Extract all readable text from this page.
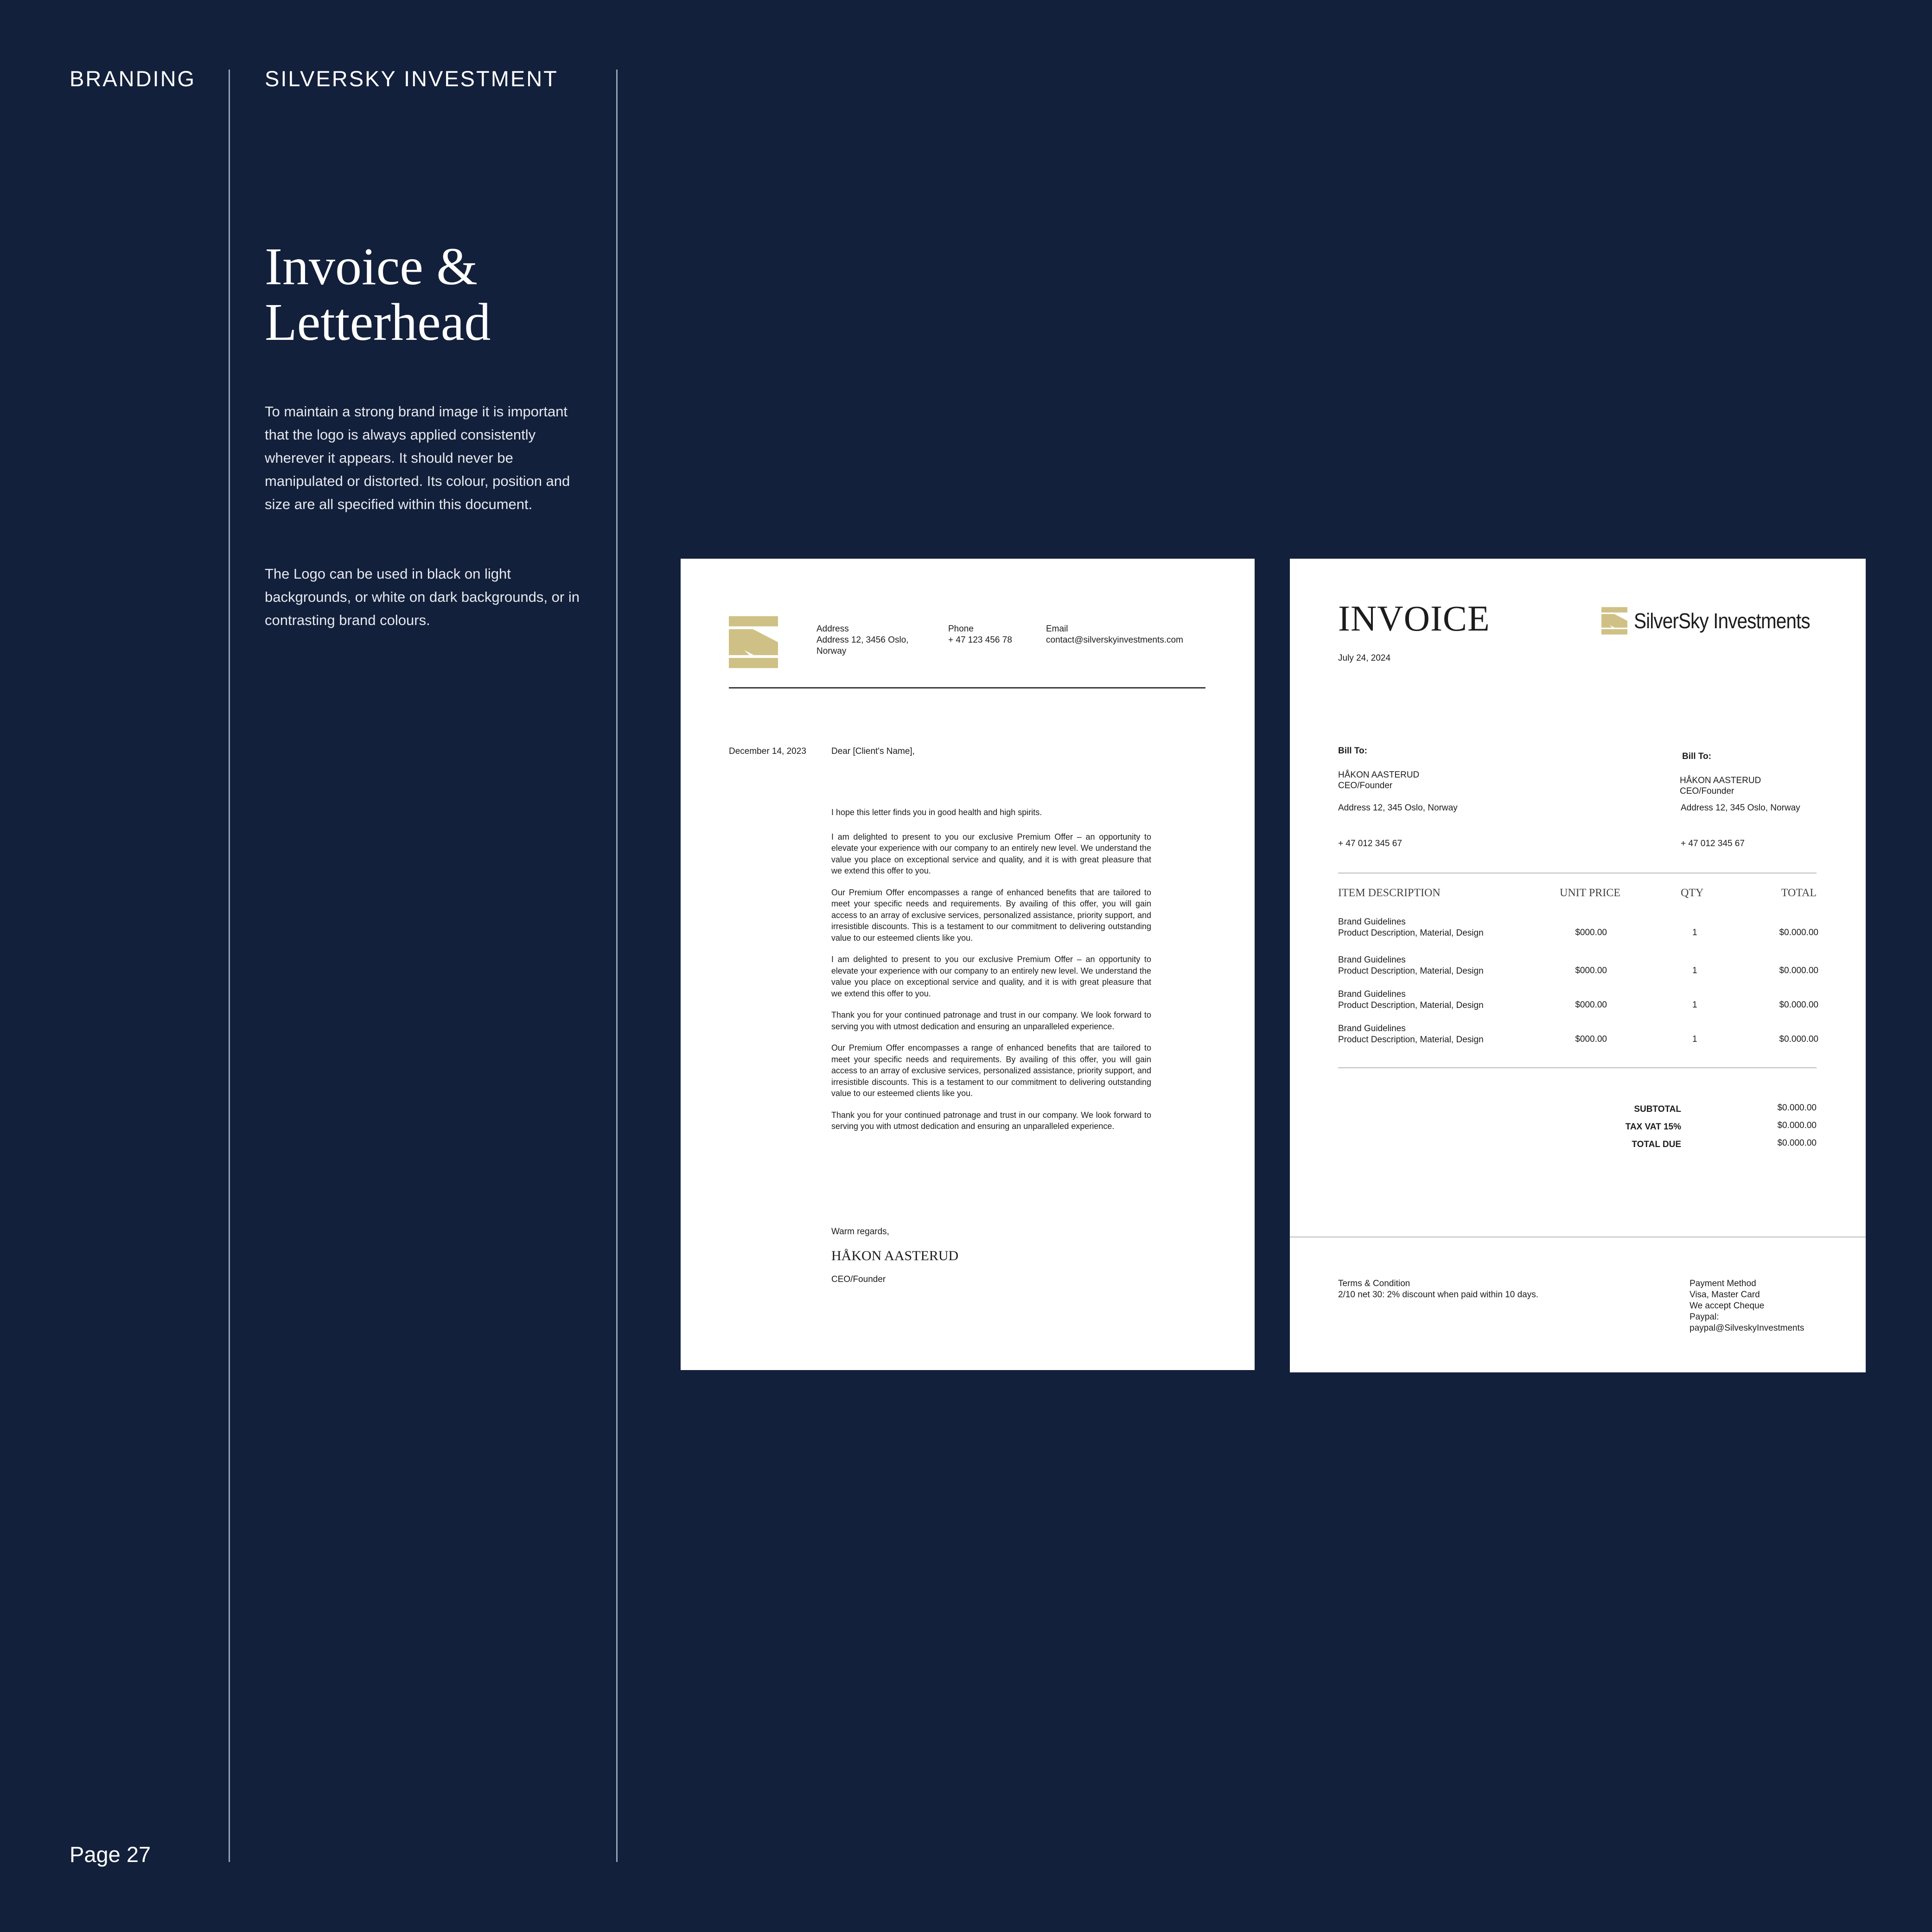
BRANDING	SILVERSKY INVESTMENT
Invoice &
Letterhead

To maintain a strong brand image it is important that the logo is always applied consistently wherever it appears. It should never be manipulated or distorted. Its colour, position and size are all specified within this document.

The Logo can be used in black on light backgrounds, or white on dark backgrounds, or in contrasting brand colours.

Page 27
Address
Address 12, 3456 Oslo, Norway
Phone
+ 47 123 456 78
Email
contact@silverskyinvestments.com
December 14, 2023	Dear [Client's Name],

I hope this letter finds you in good health and high spirits.

I am delighted to present to you our exclusive Premium Offer – an opportunity to elevate your experience with our company to an entirely new level. We understand the value you place on exceptional service and quality, and it is with great pleasure that we extend this offer to you.

Our Premium Offer encompasses a range of enhanced benefits that are tailored to meet your specific needs and requirements. By availing of this offer, you will gain access to an array of exclusive services, personalized assistance, priority support, and irresistible discounts. This is a testament to our commitment to delivering outstanding value to our esteemed clients like you.

I am delighted to present to you our exclusive Premium Offer – an opportunity to elevate your experience with our company to an entirely new level. We understand the value you place on exceptional service and quality, and it is with great pleasure that we extend this offer to you.

Thank you for your continued patronage and trust in our company. We look forward to serving you with utmost dedication and ensuring an unparalleled experience.

Our Premium Offer encompasses a range of enhanced benefits that are tailored to meet your specific needs and requirements. By availing of this offer, you will gain access to an array of exclusive services, personalized assistance, priority support, and irresistible discounts. This is a testament to our commitment to delivering outstanding value to our esteemed clients like you.

Thank you for your continued patronage and trust in our company. We look forward to serving you with utmost dedication and ensuring an unparalleled experience.

Warm regards,
HÅKON AASTERUD
CEO/Founder
INVOICE
July 24, 2024
SilverSky Investments
Bill To:
HÅKON AASTERUD
CEO/Founder
Address 12, 345 Oslo, Norway
+ 47 012 345 67
Bill To:
HÅKON AASTERUD
CEO/Founder
Address 12, 345 Oslo, Norway
+ 47 012 345 67
ITEM DESCRIPTION	UNIT PRICE	QTY	TOTAL
Brand Guidelines
Product Description, Material, Design	$000.00	1	$0.000.00
Brand Guidelines
Product Description, Material, Design	$000.00	1	$0.000.00
Brand Guidelines
Product Description, Material, Design	$000.00	1	$0.000.00
Brand Guidelines
Product Description, Material, Design	$000.00	1	$0.000.00
SUBTOTAL	$0.000.00
TAX VAT 15%	$0.000.00
TOTAL DUE	$0.000.00
Terms & Condition
2/10 net 30: 2% discount when paid within 10 days.
Payment Method
Visa, Master Card
We accept Cheque
Paypal:
paypal@SilveskyInvestments
